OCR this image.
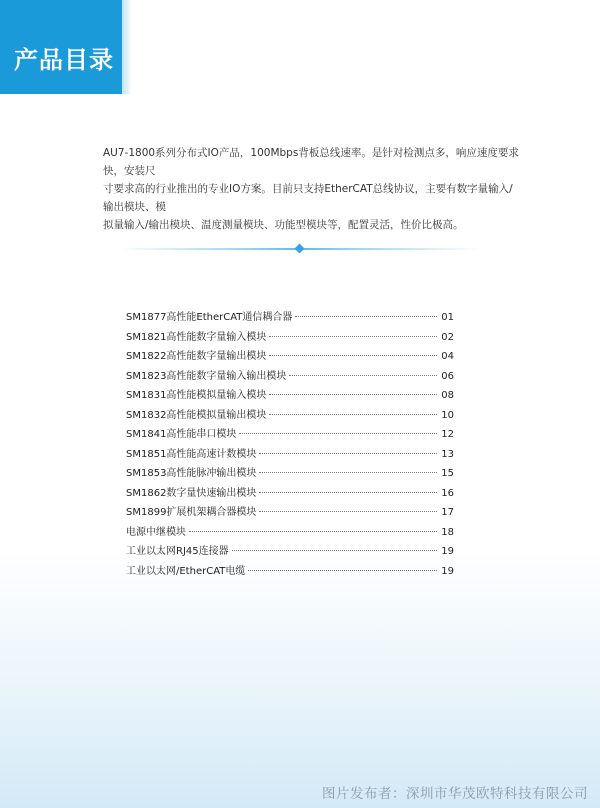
产品目录

AU7-1800系列分布式IO产品，100Mbps背板总线速率。是针对检测点多，响应速度要求快，安装尺

寸要求高的行业推出的专业IO方案。目前只支持EtherCAT总线协议，主要有数字量输入/输出模块、模

拟量输入/输出模块、温度测量模块、功能型模块等，配置灵活，性价比极高。

SM1877高性能EtherCAT通信耦合器	01
SM1821高性能数字量输入模块	02
SM1822高性能数字量输出模块	04
SM1823高性能数字量输入输出模块	06
SM1831高性能模拟量输入模块	08
SM1832高性能模拟量输出模块	10
SM1841高性能串口模块	12
SM1851高性能高速计数模块	13
SM1853高性能脉冲输出模块	15
SM1862数字量快速输出模块	16
SM1899扩展机架耦合器模块	17
电源中继模块	18
工业以太网RJ45连接器	19
工业以太网/EtherCAT电缆	19
图片发布者：深圳市华茂欧特科技有限公司
